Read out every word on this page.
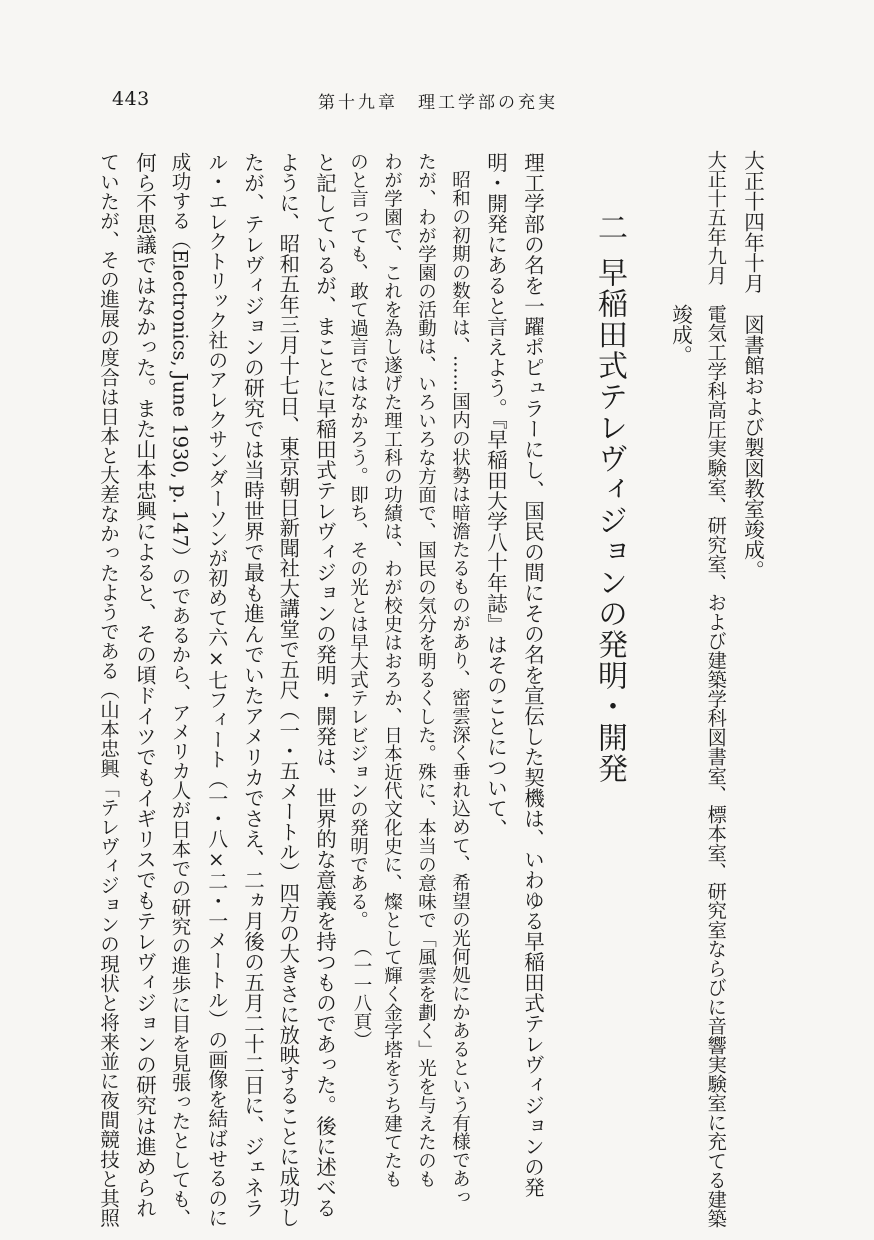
443	第十九章　理工学部の充実
大正十四年十月　図書館および製図教室竣成。
大正十五年九月　電気工学科高圧実験室、研究室、および建築学科図書室、標本室、研究室ならびに音響実験室に充てる建築
竣成。
二早稲田式テレヴィジョンの発明・開発
理工学部の名を一躍ポピュラーにし、国民の間にその名を宣伝した契機は、いわゆる早稲田式テレヴィジョンの発
明・開発にあると言えよう。『早稲田大学八十年誌』はそのことについて、
昭和の初期の数年は、……国内の状勢は暗澹たるものがあり、密雲深く垂れ込めて、希望の光何処にかあるという有様であっ
たが、わが学園の活動は、いろいろな方面で、国民の気分を明るくした。殊に、本当の意味で「風雲を劃く」光を与えたのも
わが学園で、これを為し遂げた理工科の功績は、わが校史はおろか、日本近代文化史に、燦として輝く金字塔をうち建てたも
のと言っても、敢て過言ではなかろう。即ち、その光とは早大式テレビジョンの発明である。
（一一八頁）
と記しているが、まことに早稲田式テレヴィジョンの発明・開発は、世界的な意義を持つものであった。後に述べる
ように、昭和五年三月十七日、東京朝日新聞社大講堂で五尺（一・五メートル）四方の大きさに放映することに成功し
たが、テレヴィジョンの研究では当時世界で最も進んでいたアメリカでさえ、二ヵ月後の五月二十二日に、ジェネラ
ル・エレクトリック社のアレクサンダーソンが初めて六×七フィート（一・八×二・一メートル）の画像を結ばせるのに
成功する（Electronics, June 1930, p. 147）のであるから、アメリカ人が日本での研究の進歩に目を見張ったとしても、
何ら不思議ではなかった。また山本忠興によると、その頃ドイツでもイギリスでもテレヴィジョンの研究は進められ
ていたが、その進展の度合は日本と大差なかったようである（山本忠興「テレヴィジョンの現状と将来並に夜間競技と其照
